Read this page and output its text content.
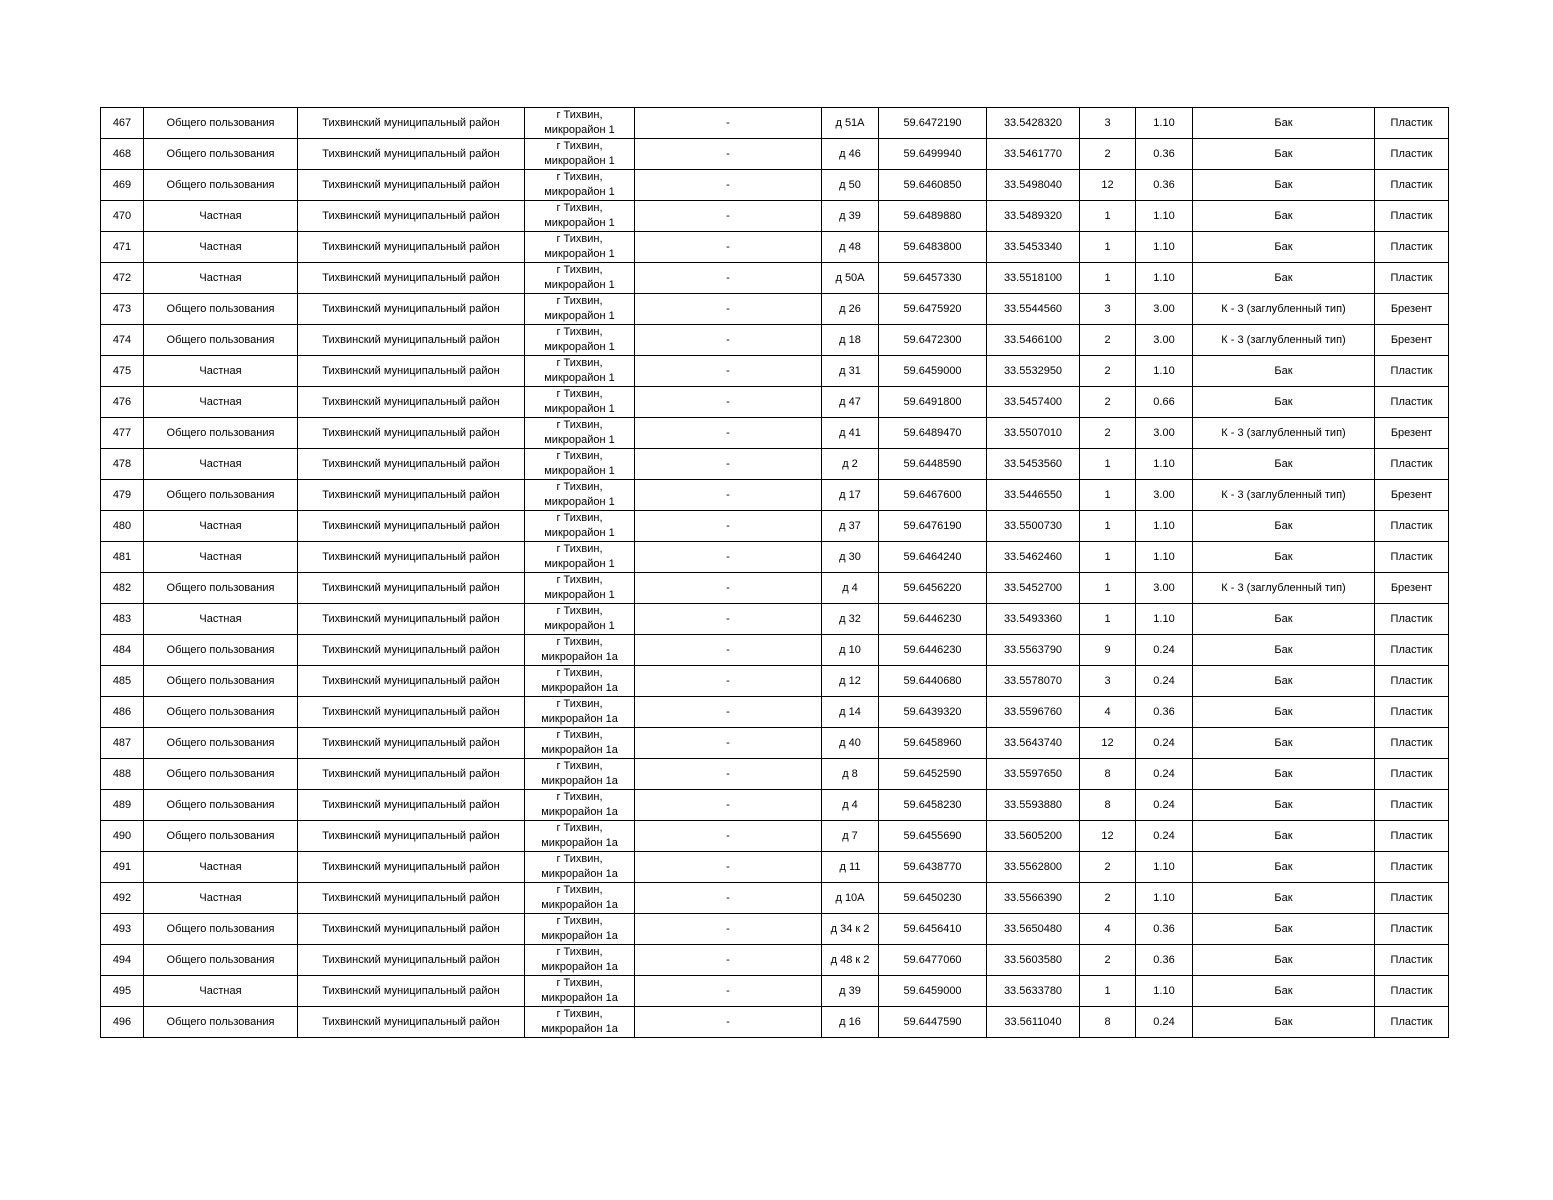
467	Общего пользования	Тихвинский муниципальный район	г Тихвин,
микрорайон 1	-	д 51А	59.6472190	33.5428320	3	1.10	Бак	Пластик
468	Общего пользования	Тихвинский муниципальный район	г Тихвин,
микрорайон 1	-	д 46	59.6499940	33.5461770	2	0.36	Бак	Пластик
469	Общего пользования	Тихвинский муниципальный район	г Тихвин,
микрорайон 1	-	д 50	59.6460850	33.5498040	12	0.36	Бак	Пластик
470	Частная	Тихвинский муниципальный район	г Тихвин,
микрорайон 1	-	д 39	59.6489880	33.5489320	1	1.10	Бак	Пластик
471	Частная	Тихвинский муниципальный район	г Тихвин,
микрорайон 1	-	д 48	59.6483800	33.5453340	1	1.10	Бак	Пластик
472	Частная	Тихвинский муниципальный район	г Тихвин,
микрорайон 1	-	д 50А	59.6457330	33.5518100	1	1.10	Бак	Пластик
473	Общего пользования	Тихвинский муниципальный район	г Тихвин,
микрорайон 1	-	д 26	59.6475920	33.5544560	3	3.00	К - 3 (заглубленный тип)	Брезент
474	Общего пользования	Тихвинский муниципальный район	г Тихвин,
микрорайон 1	-	д 18	59.6472300	33.5466100	2	3.00	К - 3 (заглубленный тип)	Брезент
475	Частная	Тихвинский муниципальный район	г Тихвин,
микрорайон 1	-	д 31	59.6459000	33.5532950	2	1.10	Бак	Пластик
476	Частная	Тихвинский муниципальный район	г Тихвин,
микрорайон 1	-	д 47	59.6491800	33.5457400	2	0.66	Бак	Пластик
477	Общего пользования	Тихвинский муниципальный район	г Тихвин,
микрорайон 1	-	д 41	59.6489470	33.5507010	2	3.00	К - 3 (заглубленный тип)	Брезент
478	Частная	Тихвинский муниципальный район	г Тихвин,
микрорайон 1	-	д 2	59.6448590	33.5453560	1	1.10	Бак	Пластик
479	Общего пользования	Тихвинский муниципальный район	г Тихвин,
микрорайон 1	-	д 17	59.6467600	33.5446550	1	3.00	К - 3 (заглубленный тип)	Брезент
480	Частная	Тихвинский муниципальный район	г Тихвин,
микрорайон 1	-	д 37	59.6476190	33.5500730	1	1.10	Бак	Пластик
481	Частная	Тихвинский муниципальный район	г Тихвин,
микрорайон 1	-	д 30	59.6464240	33.5462460	1	1.10	Бак	Пластик
482	Общего пользования	Тихвинский муниципальный район	г Тихвин,
микрорайон 1	-	д 4	59.6456220	33.5452700	1	3.00	К - 3 (заглубленный тип)	Брезент
483	Частная	Тихвинский муниципальный район	г Тихвин,
микрорайон 1	-	д 32	59.6446230	33.5493360	1	1.10	Бак	Пластик
484	Общего пользования	Тихвинский муниципальный район	г Тихвин,
микрорайон 1а	-	д 10	59.6446230	33.5563790	9	0.24	Бак	Пластик
485	Общего пользования	Тихвинский муниципальный район	г Тихвин,
микрорайон 1а	-	д 12	59.6440680	33.5578070	3	0.24	Бак	Пластик
486	Общего пользования	Тихвинский муниципальный район	г Тихвин,
микрорайон 1а	-	д 14	59.6439320	33.5596760	4	0.36	Бак	Пластик
487	Общего пользования	Тихвинский муниципальный район	г Тихвин,
микрорайон 1а	-	д 40	59.6458960	33.5643740	12	0.24	Бак	Пластик
488	Общего пользования	Тихвинский муниципальный район	г Тихвин,
микрорайон 1а	-	д 8	59.6452590	33.5597650	8	0.24	Бак	Пластик
489	Общего пользования	Тихвинский муниципальный район	г Тихвин,
микрорайон 1а	-	д 4	59.6458230	33.5593880	8	0.24	Бак	Пластик
490	Общего пользования	Тихвинский муниципальный район	г Тихвин,
микрорайон 1а	-	д 7	59.6455690	33.5605200	12	0.24	Бак	Пластик
491	Частная	Тихвинский муниципальный район	г Тихвин,
микрорайон 1а	-	д 11	59.6438770	33.5562800	2	1.10	Бак	Пластик
492	Частная	Тихвинский муниципальный район	г Тихвин,
микрорайон 1а	-	д 10А	59.6450230	33.5566390	2	1.10	Бак	Пластик
493	Общего пользования	Тихвинский муниципальный район	г Тихвин,
микрорайон 1а	-	д 34 к 2	59.6456410	33.5650480	4	0.36	Бак	Пластик
494	Общего пользования	Тихвинский муниципальный район	г Тихвин,
микрорайон 1а	-	д 48 к 2	59.6477060	33.5603580	2	0.36	Бак	Пластик
495	Частная	Тихвинский муниципальный район	г Тихвин,
микрорайон 1а	-	д 39	59.6459000	33.5633780	1	1.10	Бак	Пластик
496	Общего пользования	Тихвинский муниципальный район	г Тихвин,
микрорайон 1а	-	д 16	59.6447590	33.5611040	8	0.24	Бак	Пластик
